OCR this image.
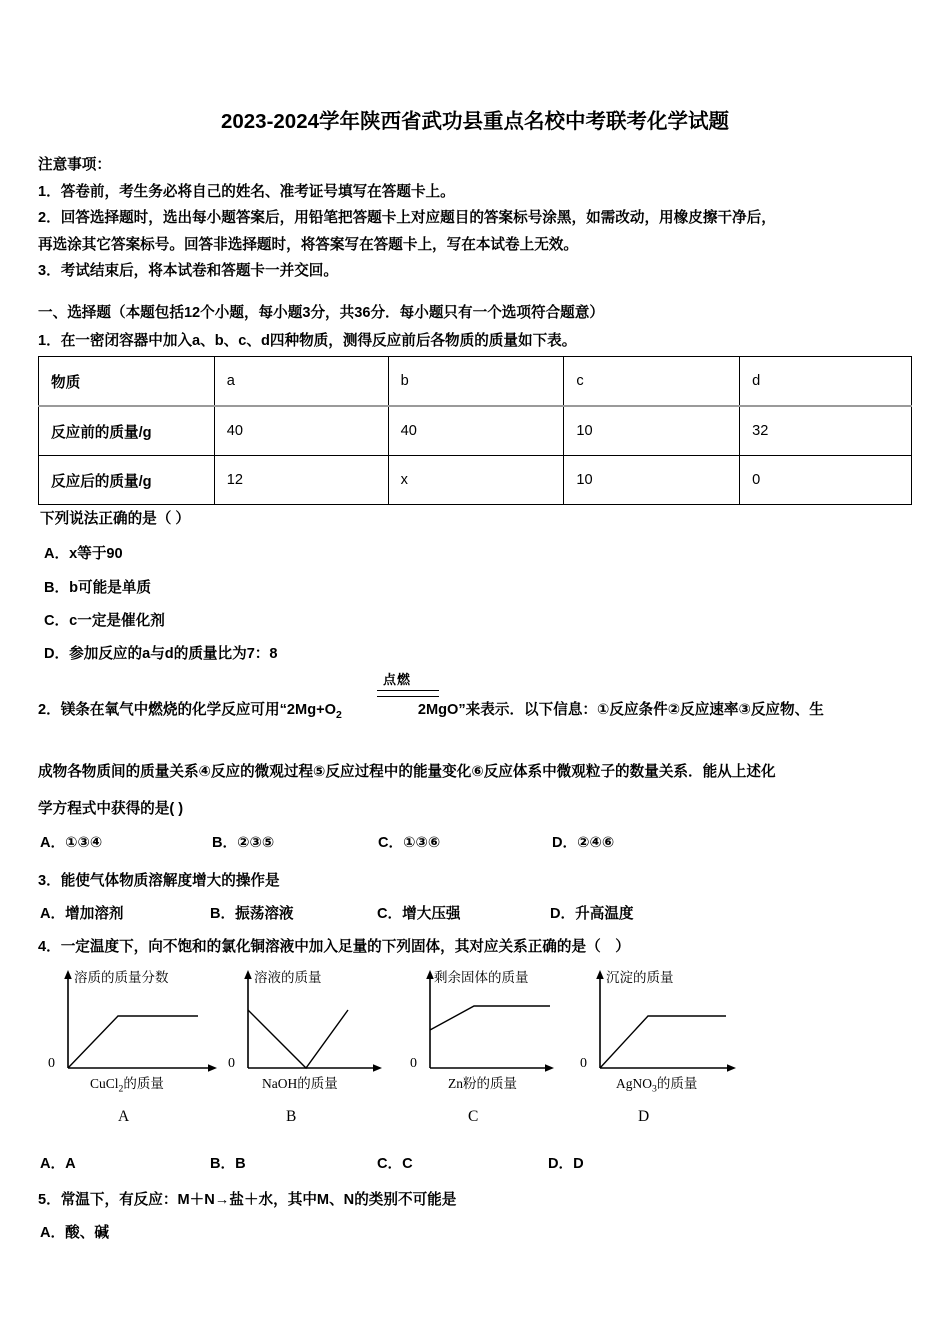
2023-2024学年陕西省武功县重点名校中考联考化学试题
注意事项：
1．答卷前，考生务必将自己的姓名、准考证号填写在答题卡上。
2．回答选择题时，选出每小题答案后，用铅笔把答题卡上对应题目的答案标号涂黑，如需改动，用橡皮擦干净后，
再选涂其它答案标号。回答非选择题时，将答案写在答题卡上，写在本试卷上无效。
3．考试结束后，将本试卷和答题卡一并交回。
一、选择题（本题包括12个小题，每小题3分，共36分．每小题只有一个选项符合题意）
1．在一密闭容器中加入a、b、c、d四种物质，测得反应前后各物质的质量如下表。
物质	a	b	c	d
反应前的质量/g	40	40	10	32
反应后的质量/g	12	x	10	0
下列说法正确的是（ ）
A．x等于90
B．b可能是单质
C．c一定是催化剂
D．参加反应的a与d的质量比为7：8
点燃
2．镁条在氧气中燃烧的化学反应可用“$2Mg+O_2$	2MgO”来表示．以下信息：①反应条件②反应速率③反应物、生
成物各物质间的质量关系④反应的微观过程⑤反应过程中的能量变化⑥反应体系中微观粒子的数量关系．能从上述化
学方程式中获得的是( )
A．①③④	B．②③⑤	C．①③⑥	D．②④⑥
3．能使气体物质溶解度增大的操作是
A．增加溶剂	B．振荡溶液	C．增大压强	D．升高温度
4．一定温度下，向不饱和的氯化铜溶液中加入足量的下列固体，其对应关系正确的是（　）
溶质的质量分数
0
CuCl$_2$的质量
溶液的质量
0
NaOH的质量
剩余固体的质量
0
Zn粉的质量
沉淀的质量
0
AgNO$_3$的质量
A	B	C	D
A．A	B．B	C．C	D．D
5．常温下，有反应：M＋N→盐＋水，其中M、N的类别不可能是
A．酸、碱
